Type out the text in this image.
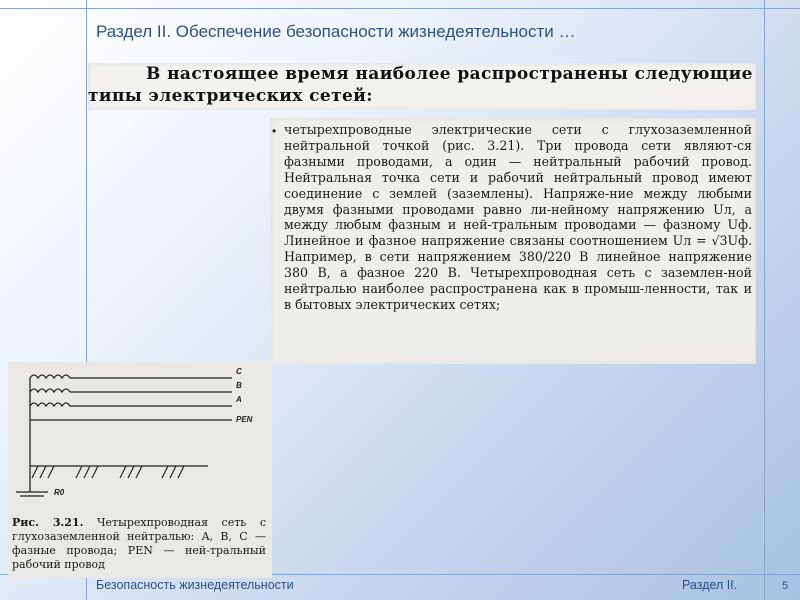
Раздел II. Обеспечение безопасности жизнедеятельности …

В настоящее время наиболее распространены следующие

типы электрических сетей:

• четырехпроводные электрические сети с глухозаземленной нейтральной точкой (рис. 3.21). Три провода сети являют-ся фазными проводами, а один — нейтральный рабочий провод. Нейтральная точка сети и рабочий нейтральный провод имеют соединение с землей (заземлены). Напряже-ние между любыми двумя фазными проводами равно ли-нейному напряжению Uл, а между любым фазным и ней-тральным проводами — фазному Uф. Линейное и фазное напряжение связаны соотношением Uл = √3Uф. Например, в сети напряжением 380/220 В линейное напряжение 380 В, а фазное 220 В. Четырехпроводная сеть с заземлен-ной нейтралью наиболее распространена как в промыш-ленности, так и в бытовых электрических сетях;
C
B
A
PEN
R0
Рис. 3.21. Четырехпроводная сеть с глухозаземленной нейтралью: A, B, C — фазные провода; PEN — ней-тральный рабочий провод
Безопасность жизнедеятельности	Раздел II.	5
